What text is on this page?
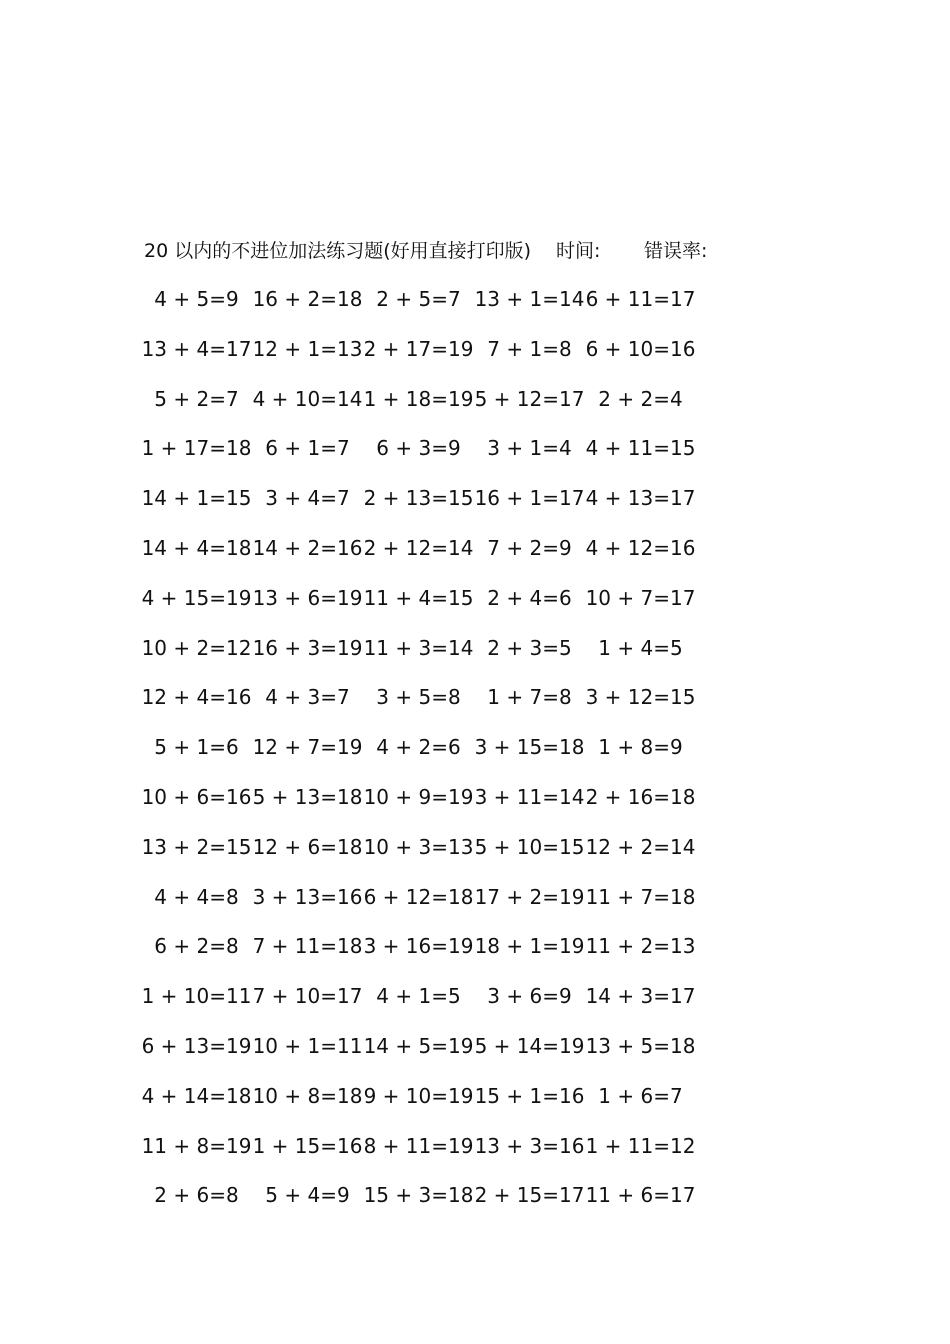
20 以内的不进位加法练习题(好用直接打印版) 时间: 错误率:
4 + 5=9 16 + 2=18 2 + 5=7 13 + 1=14 6 + 11=17
13 + 4=17 12 + 1=13 2 + 17=19 7 + 1=8 6 + 10=16
5 + 2=7 4 + 10=14 1 + 18=19 5 + 12=17 2 + 2=4
1 + 17=18 6 + 1=7	6 + 3=9	3 + 1=4 4 + 11=15
14 + 1=15 3 + 4=7 2 + 13=15 16 + 1=17 4 + 13=17
14 + 4=18 14 + 2=16 2 + 12=14 7 + 2=9 4 + 12=16
4 + 15=19 13 + 6=19 11 + 4=15 2 + 4=6 10 + 7=17
10 + 2=12 16 + 3=19 11 + 3=14 2 + 3=5	1 + 4=5
12 + 4=16 4 + 3=7	3 + 5=8	1 + 7=8 3 + 12=15
5 + 1=6 12 + 7=19 4 + 2=6 3 + 15=18 1 + 8=9
10 + 6=16 5 + 13=18 10 + 9=19 3 + 11=14 2 + 16=18
13 + 2=15 12 + 6=18 10 + 3=13 5 + 10=15 12 + 2=14
4 + 4=8 3 + 13=16 6 + 12=18 17 + 2=19 11 + 7=18
6 + 2=8 7 + 11=18 3 + 16=19 18 + 1=19 11 + 2=13
1 + 10=11 7 + 10=17 4 + 1=5	3 + 6=9 14 + 3=17
6 + 13=19 10 + 1=11 14 + 5=19 5 + 14=19 13 + 5=18
4 + 14=18 10 + 8=18 9 + 10=19 15 + 1=16 1 + 6=7
11 + 8=19 1 + 15=16 8 + 11=19 13 + 3=16 1 + 11=12
2 + 6=8	5 + 4=9 15 + 3=18 2 + 15=17 11 + 6=17
